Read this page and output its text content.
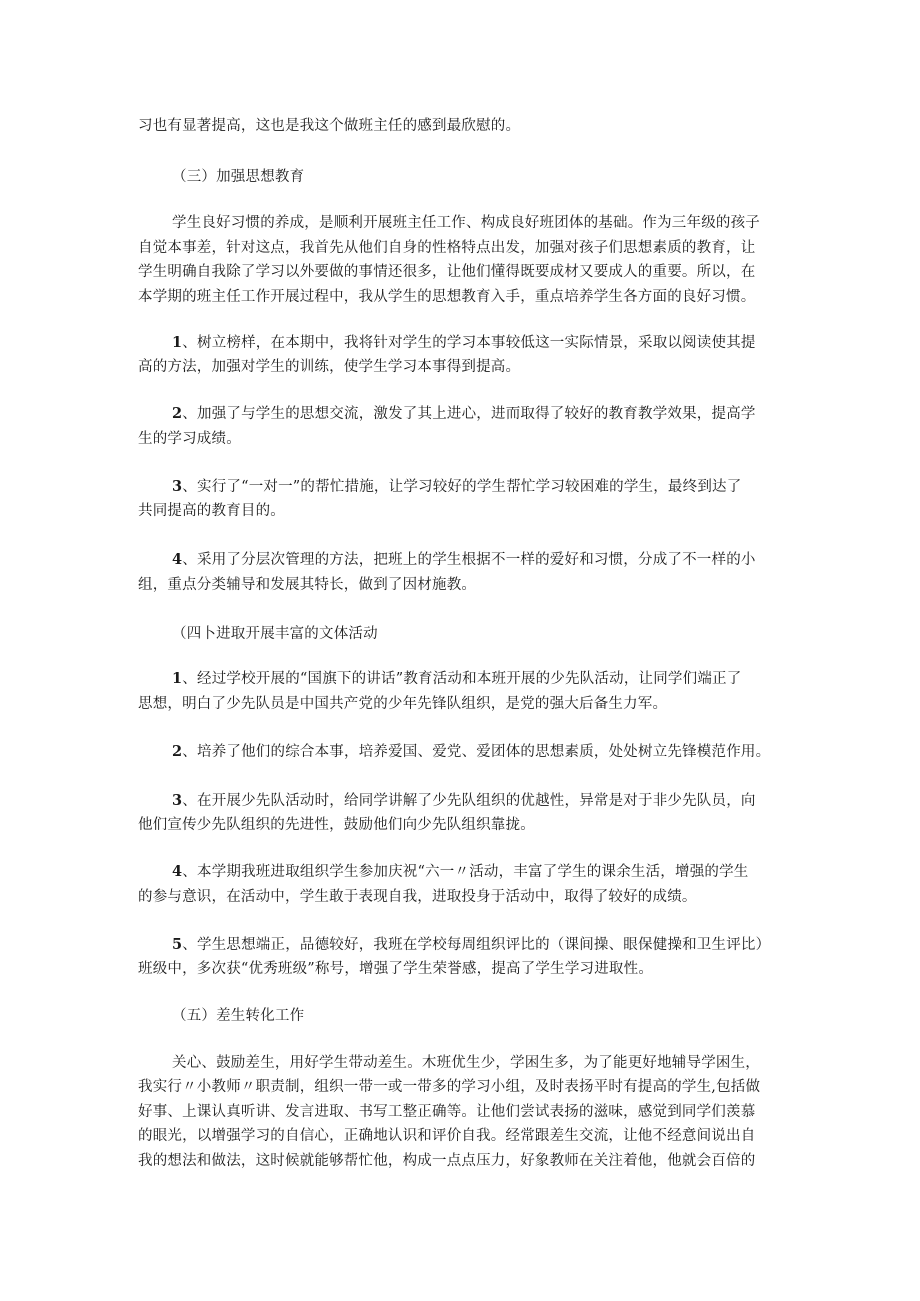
习也有显著提高，这也是我这个做班主任的感到最欣慰的。
（三）加强思想教育
学生良好习惯的养成，是顺利开展班主任工作、构成良好班团体的基础。作为三年级的孩子
自觉本事差，针对这点，我首先从他们自身的性格特点出发，加强对孩子们思想素质的教育，让
学生明确自我除了学习以外要做的事情还很多，让他们懂得既要成材又要成人的重要。所以，在
本学期的班主任工作开展过程中，我从学生的思想教育入手，重点培养学生各方面的良好习惯。
1、树立榜样，在本期中，我将针对学生的学习本事较低这一实际情景，采取以阅读使其提
高的方法，加强对学生的训练，使学生学习本事得到提高。
2、加强了与学生的思想交流，激发了其上进心，进而取得了较好的教育教学效果，提高学
生的学习成绩。
3、实行了“一对一”的帮忙措施，让学习较好的学生帮忙学习较困难的学生，最终到达了
共同提高的教育目的。
4、采用了分层次管理的方法，把班上的学生根据不一样的爱好和习惯，分成了不一样的小
组，重点分类辅导和发展其特长，做到了因材施教。
（四卜进取开展丰富的文体活动
1、经过学校开展的“国旗下的讲话”教育活动和本班开展的少先队活动，让同学们端正了
思想，明白了少先队员是中国共产党的少年先锋队组织，是党的强大后备生力军。
2、培养了他们的综合本事，培养爱国、爱党、爱团体的思想素质，处处树立先锋模范作用。
3、在开展少先队活动时，给同学讲解了少先队组织的优越性，异常是对于非少先队员，向
他们宣传少先队组织的先进性，鼓励他们向少先队组织靠拢。
4、本学期我班进取组织学生参加庆祝“六一〃活动，丰富了学生的课余生活，增强的学生
的参与意识，在活动中，学生敢于表现自我，进取投身于活动中，取得了较好的成绩。
5、学生思想端正，品德较好，我班在学校每周组织评比的（课间操、眼保健操和卫生评比）
班级中，多次获“优秀班级”称号，增强了学生荣誉感，提高了学生学习进取性。
（五）差生转化工作
关心、鼓励差生，用好学生带动差生。木班优生少，学困生多，为了能更好地辅导学困生，
我实行〃小教师〃职责制，组织一带一或一带多的学习小组，及时表扬平时有提高的学生,包括做
好事、上课认真听讲、发言进取、书写工整正确等。让他们尝试表扬的滋味，感觉到同学们羡慕
的眼光，以增强学习的自信心，正确地认识和评价自我。经常跟差生交流，让他不经意间说出自
我的想法和做法，这时候就能够帮忙他，构成一点点压力，好象教师在关注着他，他就会百倍的
